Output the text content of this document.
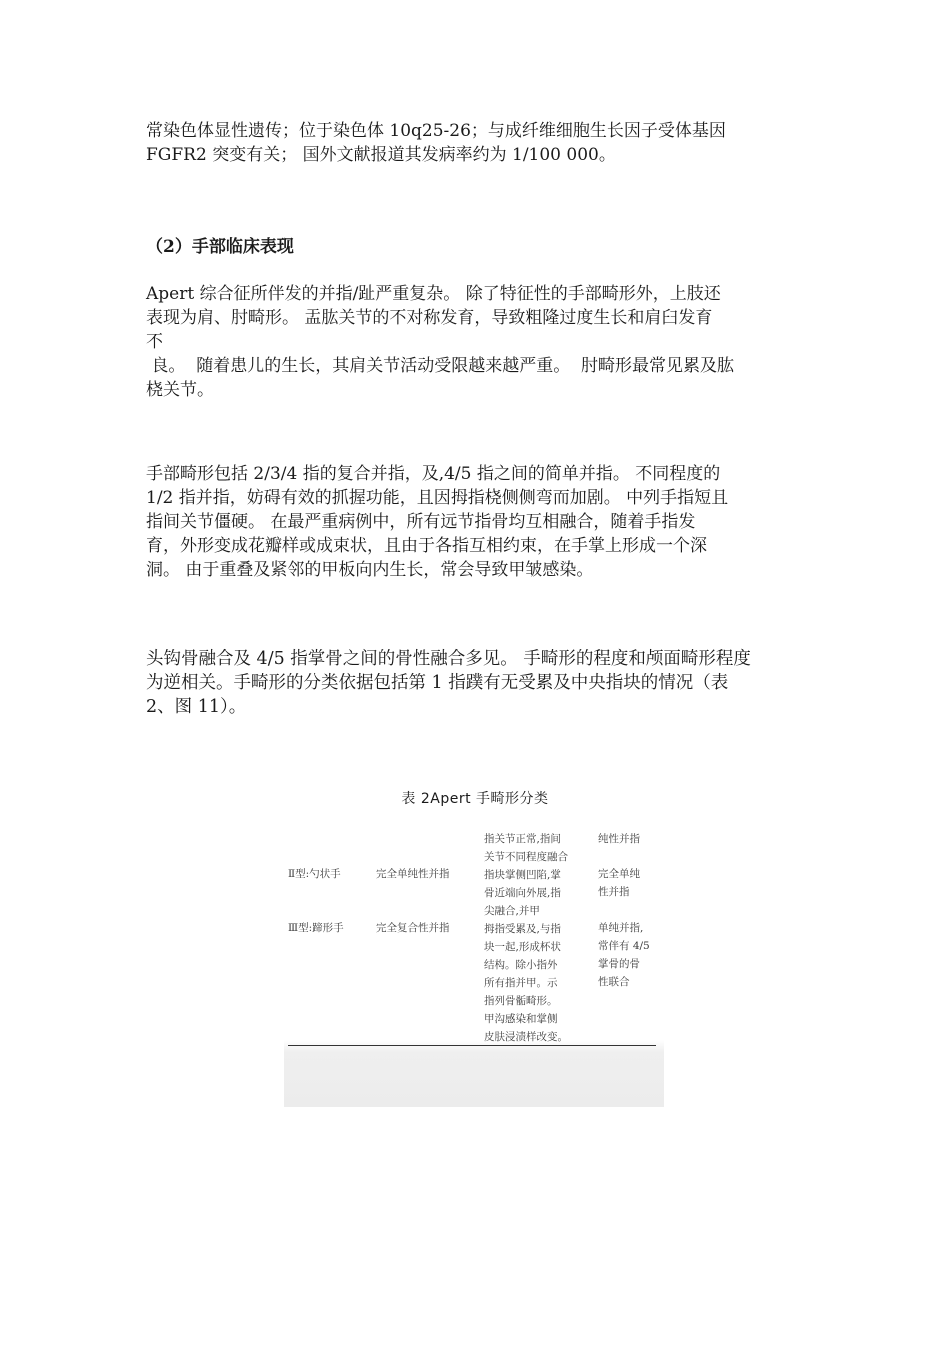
常染色体显性遗传；位于染色体 10q25-26；与成纤维细胞生长因子受体基因
FGFR2 突变有关； 国外文献报道其发病率约为 1/100 000。
（2）手部临床表现
Apert 综合征所伴发的并指/趾严重复杂。 除了特征性的手部畸形外，上肢还
表现为肩、肘畸形。 盂肱关节的不对称发育，导致粗隆过度生长和肩臼发育
不
良。  随着患儿的生长，其肩关节活动受限越来越严重。  肘畸形最常见累及肱
桡关节。
手部畸形包括 2/3/4 指的复合并指，及,4/5 指之间的简单并指。 不同程度的
1/2 指并指，妨碍有效的抓握功能，且因拇指桡侧侧弯而加剧。 中列手指短且
指间关节僵硬。 在最严重病例中，所有远节指骨均互相融合，随着手指发
育，外形变成花瓣样或成束状，且由于各指互相约束，在手掌上形成一个深
洞。 由于重叠及紧邻的甲板向内生长，常会导致甲皱感染。
头钩骨融合及 4/5 指掌骨之间的骨性融合多见。 手畸形的程度和颅面畸形程度
为逆相关。手畸形的分类依据包括第 1 指蹼有无受累及中央指块的情况（表
2、图 11）。
表 2Apert 手畸形分类
Ⅱ型:勺状手	完全单纯性并指
Ⅲ型:蹄形手	完全复合性并指
指关节正常,指间
关节不同程度融合
指块掌侧凹陷,掌
骨近端向外展,指
尖融合,并甲
拇指受累及,与指
块一起,形成杯状
结构。除小指外
所有指并甲。示
指列骨骺畸形。
甲沟感染和掌侧
皮肤浸渍样改变。
纯性并指
完全单纯
性并指
单纯并指,
常伴有 4/5
掌骨的骨
性联合
